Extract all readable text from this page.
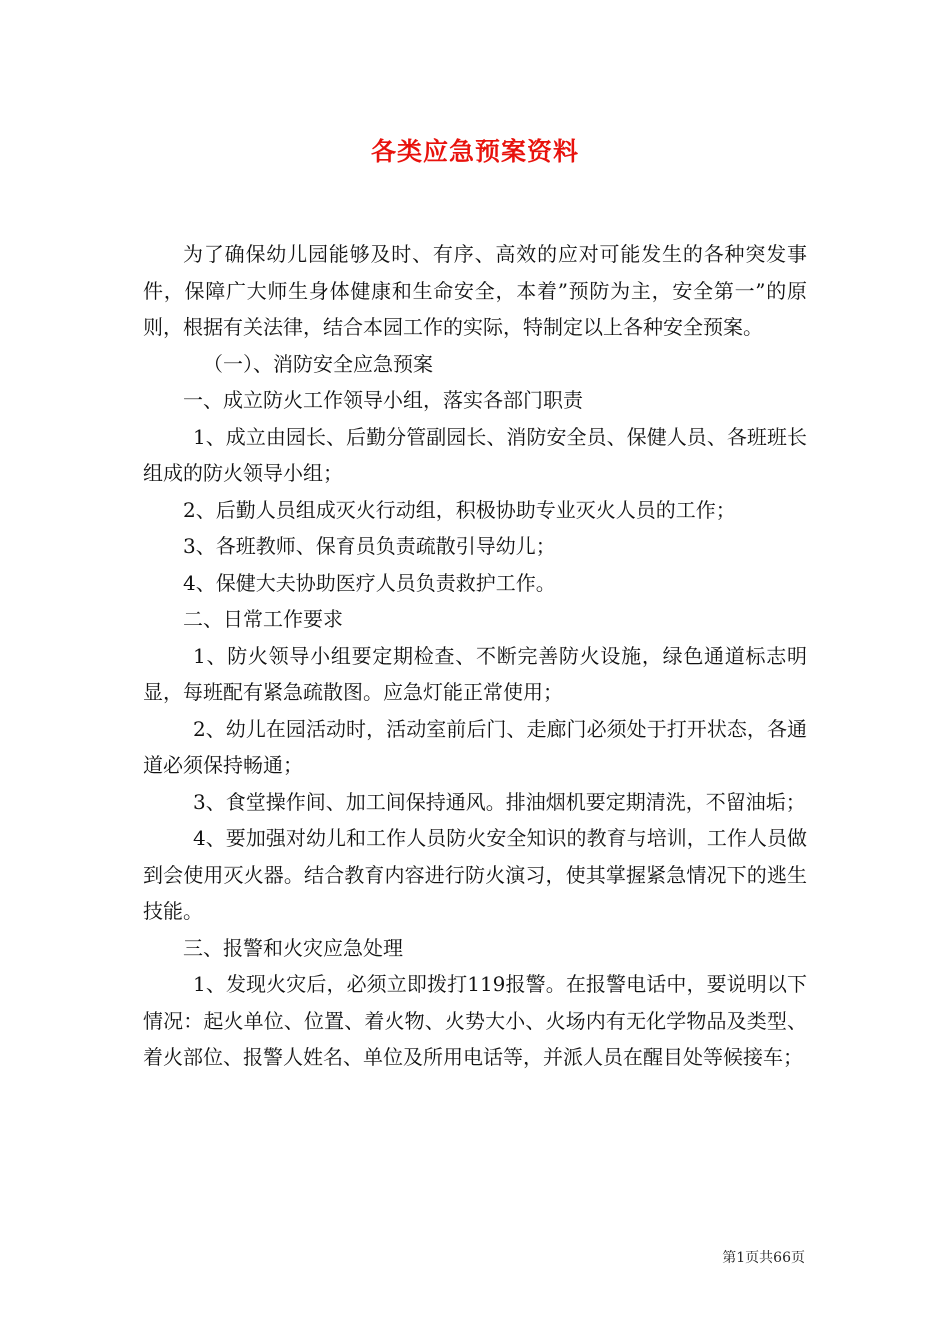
各类应急预案资料

为了确保幼儿园能够及时、有序、高效的应对可能发生的各种突发事件，保障广大师生身体健康和生命安全，本着”预防为主，安全第一”的原则，根据有关法律，结合本园工作的实际，特制定以上各种安全预案。

（一）、消防安全应急预案

一、成立防火工作领导小组，落实各部门职责

1、成立由园长、后勤分管副园长、消防安全员、保健人员、各班班长组成的防火领导小组；

2、后勤人员组成灭火行动组，积极协助专业灭火人员的工作；

3、各班教师、保育员负责疏散引导幼儿；

4、保健大夫协助医疗人员负责救护工作。

二、日常工作要求

1、防火领导小组要定期检查、不断完善防火设施，绿色通道标志明显，每班配有紧急疏散图。应急灯能正常使用；

2、幼儿在园活动时，活动室前后门、走廊门必须处于打开状态，各通道必须保持畅通；

3、食堂操作间、加工间保持通风。排油烟机要定期清洗，不留油垢；

4、要加强对幼儿和工作人员防火安全知识的教育与培训，工作人员做到会使用灭火器。结合教育内容进行防火演习，使其掌握紧急情况下的逃生技能。

三、报警和火灾应急处理

1、发现火灾后，必须立即拨打119报警。在报警电话中，要说明以下情况：起火单位、位置、着火物、火势大小、火场内有无化学物品及类型、着火部位、报警人姓名、单位及所用电话等，并派人员在醒目处等候接车；

第1页共66页
